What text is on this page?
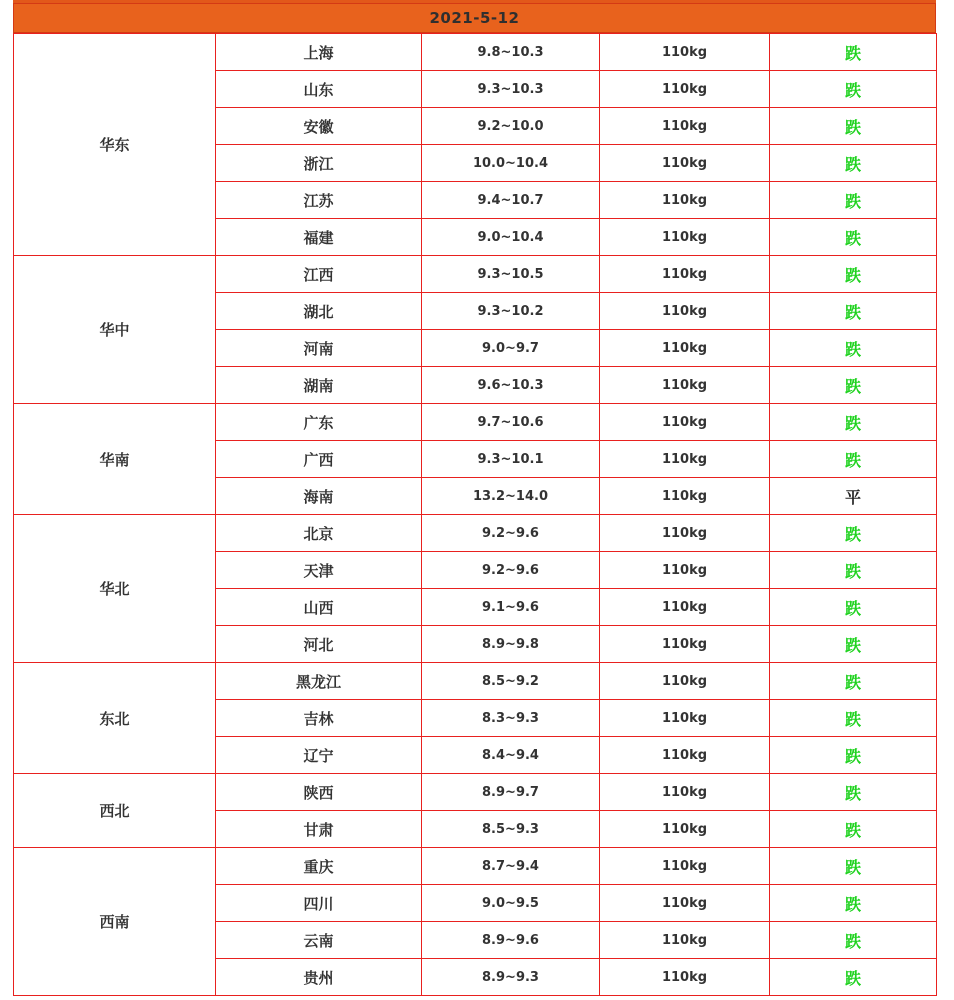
2021-5-12
华东	上海	9.8~10.3	110kg	跌
	山东	9.3~10.3	110kg	跌
	安徽	9.2~10.0	110kg	跌
	浙江	10.0~10.4	110kg	跌
	江苏	9.4~10.7	110kg	跌
	福建	9.0~10.4	110kg	跌
华中	江西	9.3~10.5	110kg	跌
	湖北	9.3~10.2	110kg	跌
	河南	9.0~9.7	110kg	跌
	湖南	9.6~10.3	110kg	跌
华南	广东	9.7~10.6	110kg	跌
	广西	9.3~10.1	110kg	跌
	海南	13.2~14.0	110kg	平
华北	北京	9.2~9.6	110kg	跌
	天津	9.2~9.6	110kg	跌
	山西	9.1~9.6	110kg	跌
	河北	8.9~9.8	110kg	跌
东北	黑龙江	8.5~9.2	110kg	跌
	吉林	8.3~9.3	110kg	跌
	辽宁	8.4~9.4	110kg	跌
西北	陕西	8.9~9.7	110kg	跌
	甘肃	8.5~9.3	110kg	跌
西南	重庆	8.7~9.4	110kg	跌
	四川	9.0~9.5	110kg	跌
	云南	8.9~9.6	110kg	跌
	贵州	8.9~9.3	110kg	跌
